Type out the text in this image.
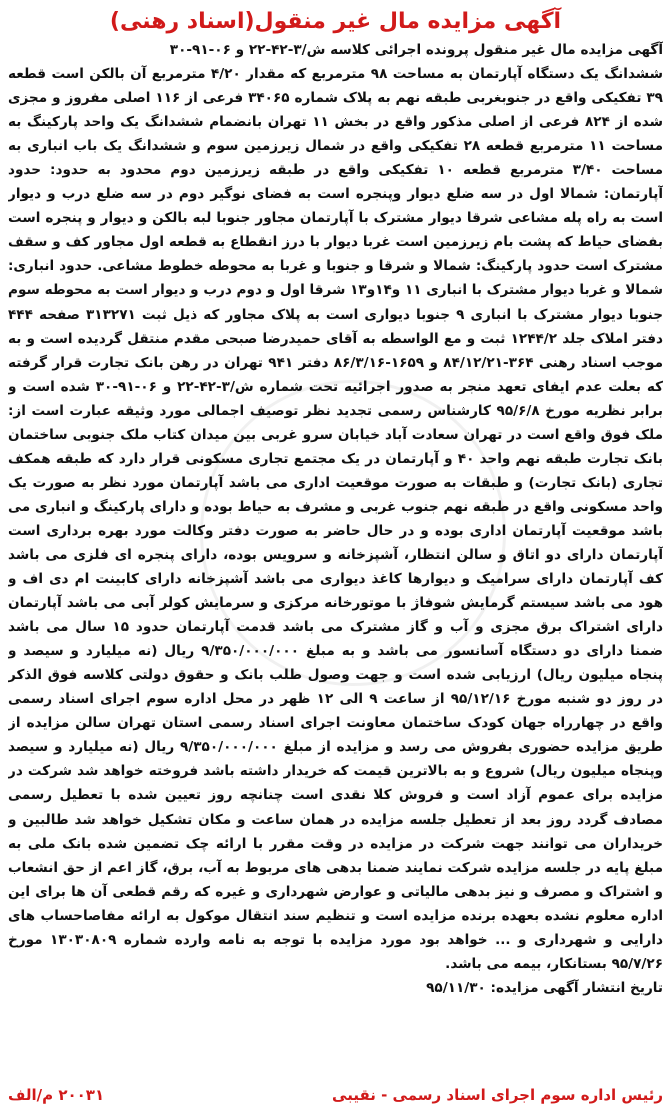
آگهی مزایده مال غیر منقول(اسناد رهنی)

آگهی مزایده مال غیر منقول پرونده اجرائی کلاسه ش/۳-۴۲-۲۲ و ۰۶-۹۱-۳۰
ششدانگ یک دستگاه آپارتمان به مساحت ۹۸ مترمربع که مقدار ۴/۲۰ مترمربع آن بالکن است قطعه ۳۹ تفکیکی واقع در جنوبغربی طبقه نهم به پلاک شماره ۳۴۰۶۵ فرعی از ۱۱۶ اصلی مفروز و مجزی شده از ۸۲۴ فرعی از اصلی مذکور واقع در بخش ۱۱ تهران بانضمام ششدانگ یک واحد پارکینگ به مساحت ۱۱ مترمربع قطعه ۲۸ تفکیکی واقع در شمال زیرزمین سوم و ششدانگ یک باب انباری به مساحت ۳/۴۰ مترمربع قطعه ۱۰ تفکیکی واقع در طبقه زیرزمین دوم محدود به حدود: حدود آپارتمان: شمالا اول در سه ضلع دیوار وپنجره است به فضای نوگیر دوم در سه ضلع درب و دیوار است به راه پله مشاعی شرقا دیوار مشترک با آپارتمان مجاور جنوبا لبه بالکن و دیوار و پنجره است بفضای حیاط که پشت بام زیرزمین است غربا دیوار با درز انقطاع به قطعه اول مجاور کف و سقف مشترک است حدود پارکینگ: شمالا و شرقا و جنوبا و غربا به محوطه خطوط مشاعی. حدود انباری: شمالا و غربا دیوار مشترک با انباری ۱۱ و۱۴و۱۳ شرقا اول و دوم درب و دیوار است به محوطه سوم جنوبا دیوار مشترک با انباری ۹ جنوبا دیواری است به پلاک مجاور که ذیل ثبت ۳۱۳۲۷۱ صفحه ۴۴۴ دفتر املاک جلد ۱۲۴۴/۲ ثبت و مع الواسطه به آقای حمیدرضا صبحی مقدم منتقل گردیده است و به موجب اسناد رهنی ۳۶۴-۸۴/۱۲/۲۱ و ۱۶۵۹-۸۶/۳/۱۶ دفتر ۹۴۱ تهران در رهن بانک تجارت قرار گرفته که بعلت عدم ایفای تعهد منجر به صدور اجرائیه تحت شماره ش/۳-۴۲-۲۲ و ۰۶-۹۱-۳۰ شده است و برابر نظریه مورخ ۹۵/۶/۸ کارشناس رسمی تجدید نظر توصیف اجمالی مورد وثیقه عبارت است از: ملک فوق واقع است در تهران سعادت آباد خیابان سرو غربی بین میدان کتاب ملک جنوبی ساختمان بانک تجارت طبقه نهم واحد ۴۰ و آپارتمان در یک مجتمع تجاری مسکونی قرار دارد که طبقه همکف تجاری (بانک تجارت) و طبقات به صورت موقعیت اداری می باشد آپارتمان مورد نظر به صورت یک واحد مسکونی واقع در طبقه نهم جنوب غربی و مشرف به حیاط بوده و دارای پارکینگ و انباری می باشد موقعیت آپارتمان اداری بوده و در حال حاضر به صورت دفتر وکالت مورد بهره برداری است آپارتمان دارای دو اتاق و سالن انتظار، آشپزخانه و سرویس بوده، دارای پنجره ای فلزی می باشد کف آپارتمان دارای سرامیک و دیوارها کاغذ دیواری می باشد آشپزخانه دارای کابینت ام دی اف و هود می باشد سیستم گرمایش شوفاژ با موتورخانه مرکزی و سرمایش کولر آبی می باشد آپارتمان دارای اشتراک برق مجزی و آب و گاز مشترک می باشد قدمت آپارتمان حدود ۱۵ سال می باشد ضمنا دارای دو دستگاه آسانسور می باشد و به مبلغ ۹/۳۵۰/۰۰۰/۰۰۰ ریال (نه میلیارد و سیصد و پنجاه میلیون ریال) ارزیابی شده است و جهت وصول طلب بانک و حقوق دولتی کلاسه فوق الذکر در روز دو شنبه مورخ ۹۵/۱۲/۱۶ از ساعت ۹ الی ۱۲ ظهر در محل اداره سوم اجرای اسناد رسمی واقع در چهارراه جهان کودک ساختمان معاونت اجرای اسناد رسمی استان تهران سالن مزایده از طریق مزایده حضوری بفروش می رسد و مزایده از مبلغ ۹/۳۵۰/۰۰۰/۰۰۰ ریال (نه میلیارد و سیصد وپنجاه میلیون ریال) شروع و به بالاترین قیمت که خریدار داشته باشد فروخته خواهد شد شرکت در مزایده برای عموم آزاد است و فروش کلا نقدی است چنانچه روز تعیین شده با تعطیل رسمی مصادف گردد روز بعد از تعطیل جلسه مزایده در همان ساعت و مکان تشکیل خواهد شد طالبین و خریداران می توانند جهت شرکت در مزایده در وقت مقرر با ارائه چک تضمین شده بانک ملی به مبلغ پایه در جلسه مزایده شرکت نمایند ضمنا بدهی های مربوط به آب، برق، گاز اعم از حق انشعاب و اشتراک و مصرف و نیز بدهی مالیاتی و عوارض شهرداری و غیره که رقم قطعی آن ها برای این اداره معلوم نشده بعهده برنده مزایده است و تنظیم سند انتقال موکول به ارائه مفاصاحساب های دارایی و شهرداری و ... خواهد بود مورد مزایده با توجه به نامه وارده شماره ۱۳۰۳۰۸۰۹ مورخ ۹۵/۷/۲۶ بستانکار، بیمه می باشد.
تاریخ انتشار آگهی مزایده: ۹۵/۱۱/۳۰

رئیس اداره سوم اجرای اسناد رسمی - نقیبی
۲۰۰۳۱ م/الف
